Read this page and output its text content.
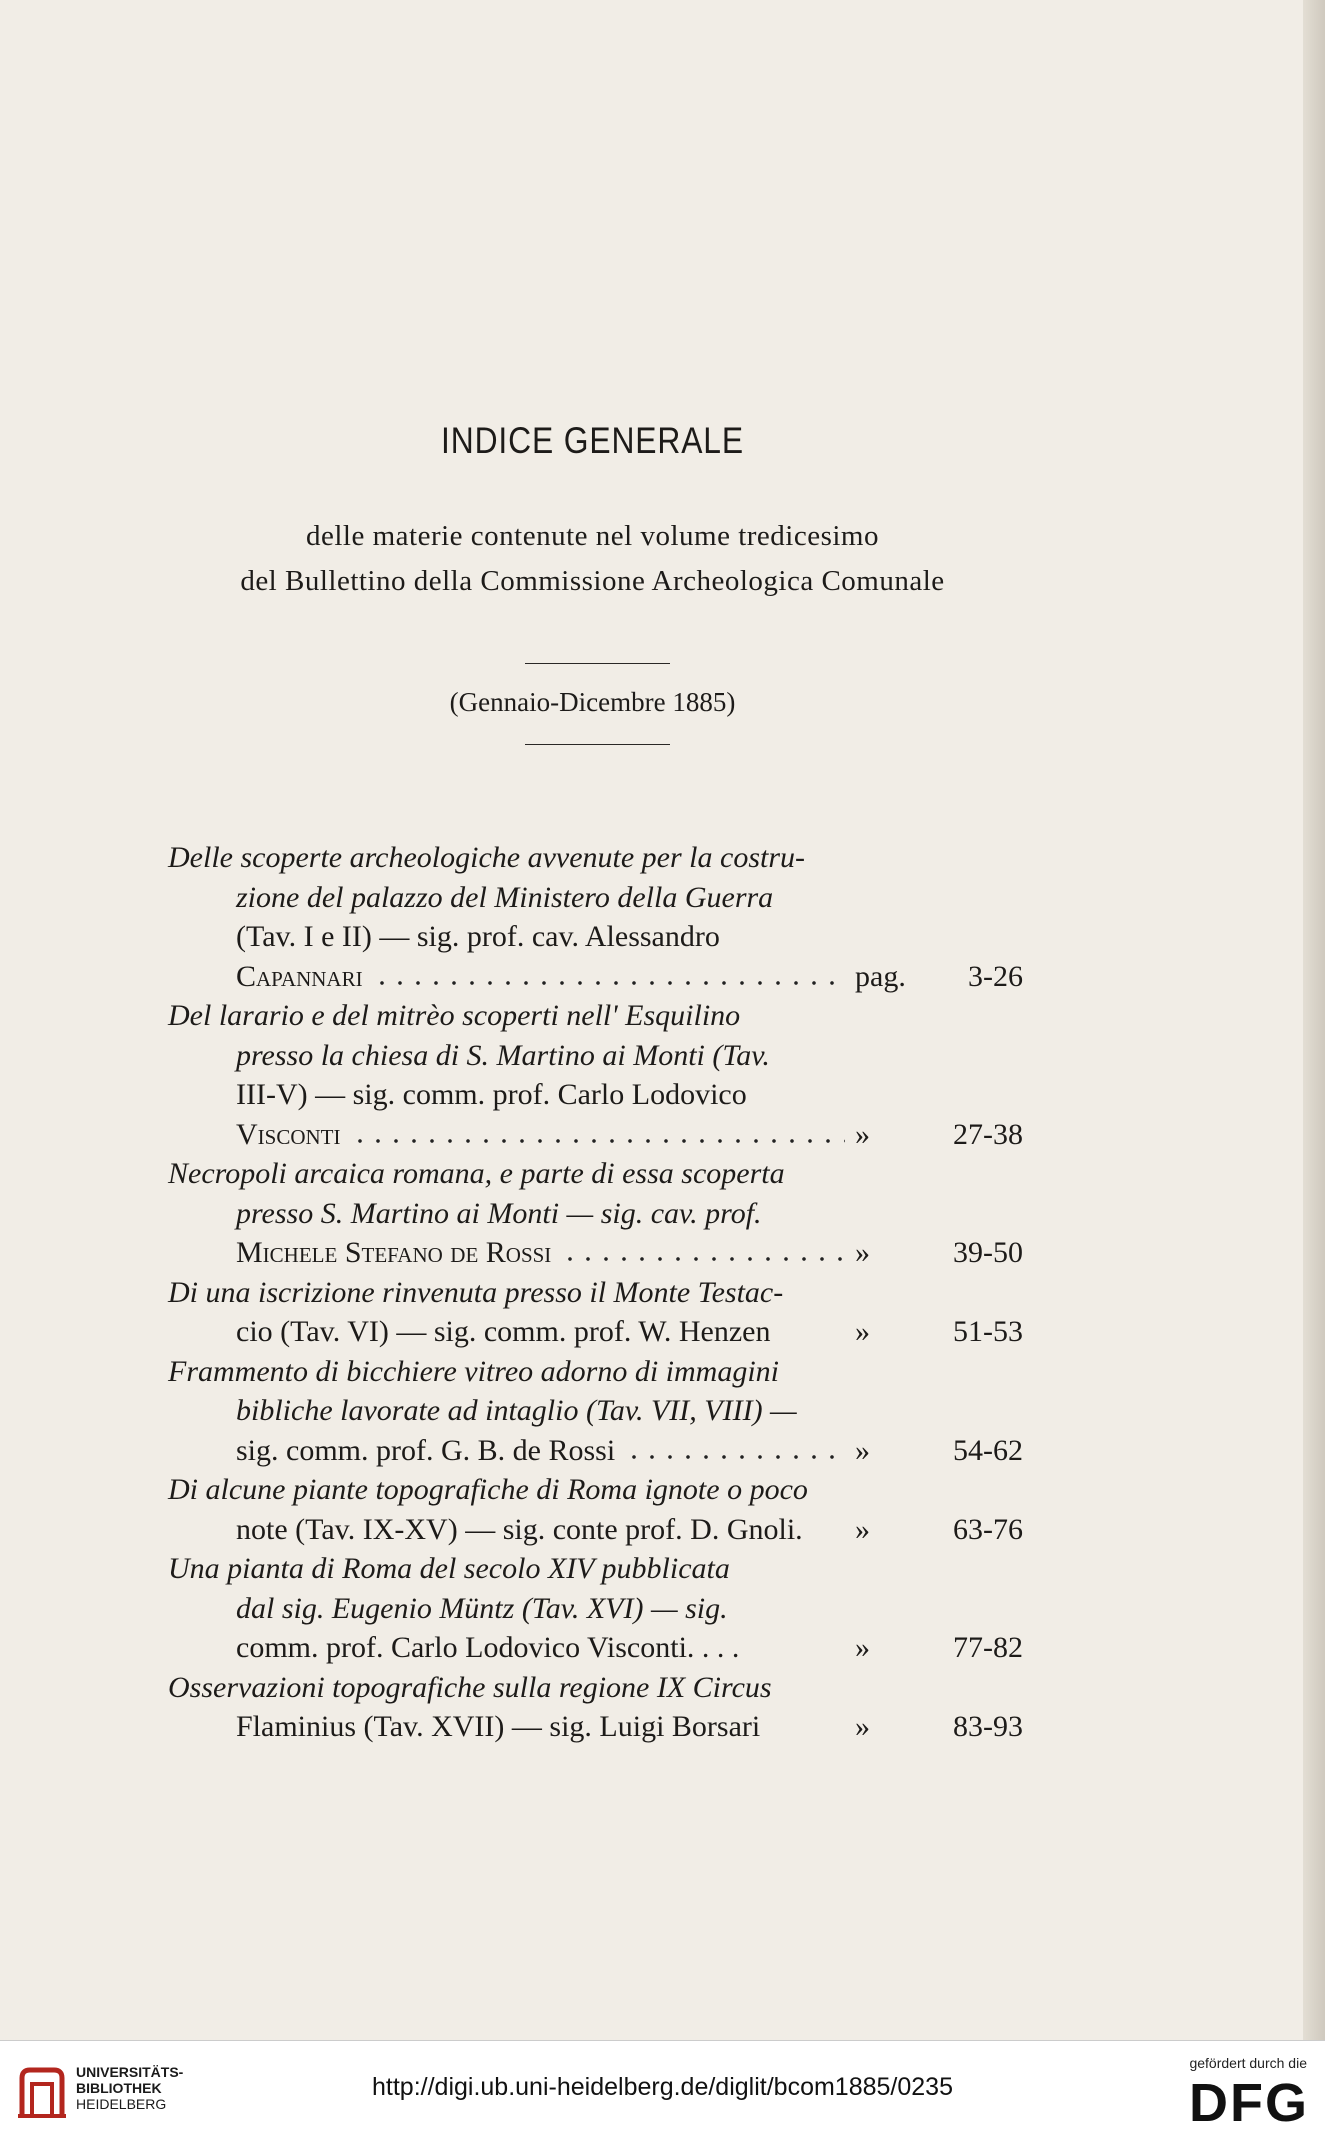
INDICE GENERALE
delle materie contenute nel volume tredicesimo
del Bullettino della Commissione Archeologica Comunale
(Gennaio-Dicembre 1885)
Delle scoperte archeologiche avvenute per la costru-
zione del palazzo del Ministero della Guerra
(Tav. I e II) — sig. prof. cav. Alessandro
Capannari	pag.	3-26
Del larario e del mitrèo scoperti nell' Esquilino
presso la chiesa di S. Martino ai Monti (Tav.
III-V) — sig. comm. prof. Carlo Lodovico
Visconti	»	27-38
Necropoli arcaica romana, e parte di essa scoperta
presso S. Martino ai Monti — sig. cav. prof.
Michele Stefano de Rossi	»	39-50
Di una iscrizione rinvenuta presso il Monte Testac-
cio (Tav. VI) — sig. comm. prof. W. Henzen	»	51-53
Frammento di bicchiere vitreo adorno di immagini
bibliche lavorate ad intaglio (Tav. VII, VIII) —
sig. comm. prof. G. B. de Rossi	»	54-62
Di alcune piante topografiche di Roma ignote o poco
note (Tav. IX-XV) — sig. conte prof. D. Gnoli. »	63-76
Una pianta di Roma del secolo XIV pubblicata
dal sig. Eugenio Müntz (Tav. XVI) — sig.
comm. prof. Carlo Lodovico Visconti. . . .	»	77-82
Osservazioni topografiche sulla regione IX Circus
Flaminius (Tav. XVII) — sig. Luigi Borsari	»	83-93
UNIVERSITÄTS-
BIBLIOTHEK
HEIDELBERG
http://digi.ub.uni-heidelberg.de/diglit/bcom1885/0235
gefördert durch die
DFG
